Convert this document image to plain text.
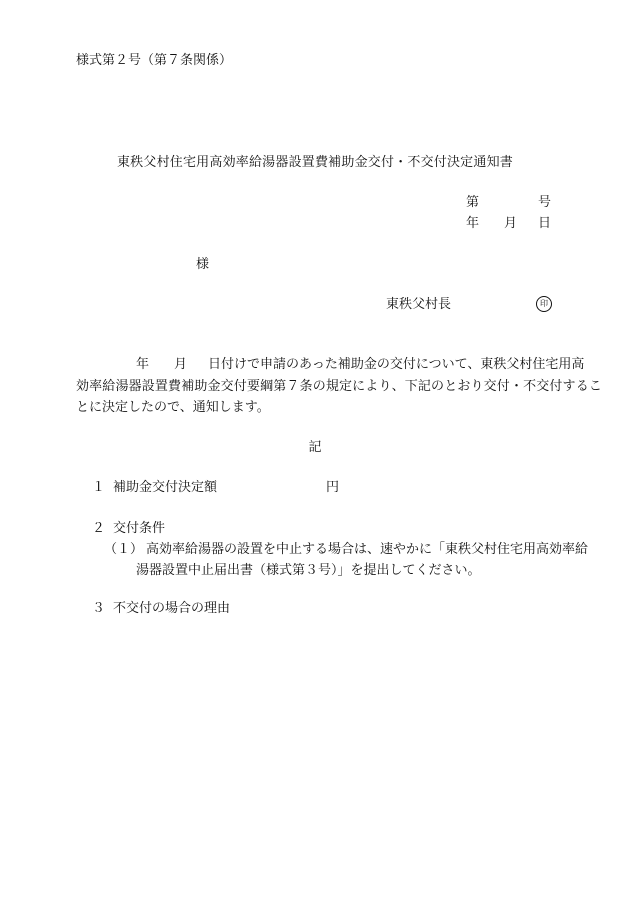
様式第２号（第７条関係）
東秩父村住宅用高効率給湯器設置費補助金交付・不交付決定通知書
第	号
年 月 日
様
東秩父村長	印
年 月 日付けで申請のあった補助金の交付について、東秩父村住宅用高
効率給湯器設置費補助金交付要綱第７条の規定により、下記のとおり交付・不交付するこ
とに決定したので、通知します。
記
１ 補助金交付決定額	円
２ 交付条件
（１） 高効率給湯器の設置を中止する場合は、速やかに「東秩父村住宅用高効率給
湯器設置中止届出書（様式第３号）」を提出してください。
３ 不交付の場合の理由
